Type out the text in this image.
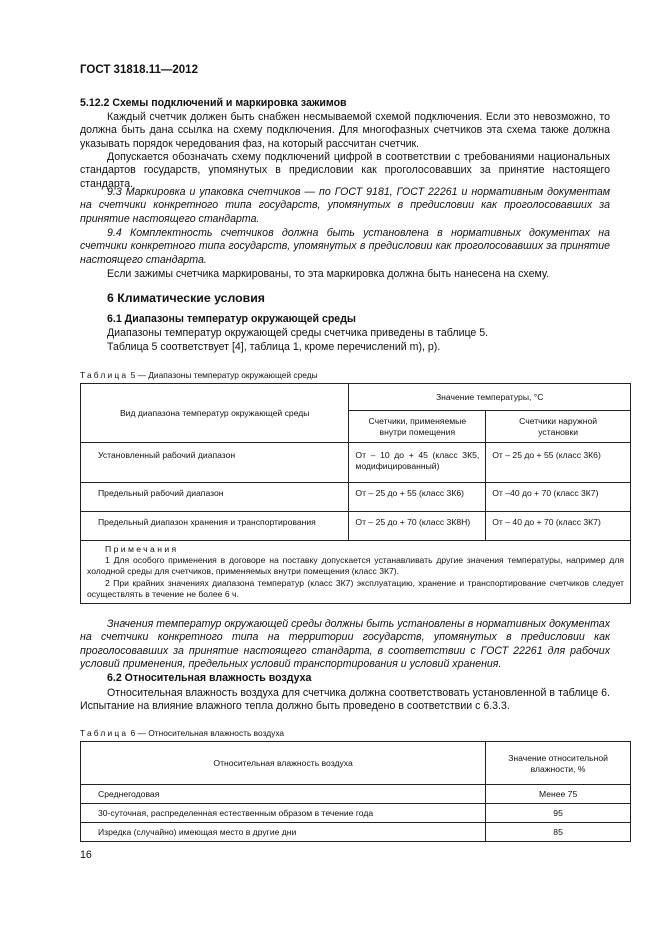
ГОСТ 31818.11—2012
5.12.2 Схемы подключений и маркировка зажимов
Каждый счетчик должен быть снабжен несмываемой схемой подключения. Если это невозможно, то должна быть дана ссылка на схему подключения. Для многофазных счетчиков эта схема также должна указывать порядок чередования фаз, на который рассчитан счетчик.
Допускается обозначать схему подключений цифрой в соответствии с требованиями национальных стандартов государств, упомянутых в предисловии как проголосовавших за принятие настоящего стандарта.
9.3 Маркировка и упаковка счетчиков — по ГОСТ 9181, ГОСТ 22261 и нормативным документам на счетчики конкретного типа государств, упомянутых в предисловии как проголосовавших за принятие настоящего стандарта.
9.4 Комплектность счетчиков должна быть установлена в нормативных документах на счетчики конкретного типа государств, упомянутых в предисловии как проголосовавших за принятие настоящего стандарта.
Если зажимы счетчика маркированы, то эта маркировка должна быть нанесена на схему.
6 Климатические условия
6.1 Диапазоны температур окружающей среды
Диапазоны температур окружающей среды счетчика приведены в таблице 5.
Таблица 5 соответствует [4], таблица 1, кроме перечислений m), p).
Таблица 5 — Диапазоны температур окружающей среды
Вид диапазона температур окружающей среды	Значение температуры, °С	
	Счетчики, применяемые внутри помещения	Счетчики наружной установки
Установленный рабочий диапазон	От – 10 до + 45 (класс 3К5, модифицированный)	От – 25 до + 55 (класс 3К6)
Предельный рабочий диапазон	От – 25 до + 55 (класс 3К6)	От –40 до + 70 (класс 3К7)
Предельный диапазон хранения и транспортирования	От – 25 до + 70 (класс 3К8Н)	От – 40 до + 70 (класс 3К7)

Примечания
1 Для особого применения в договоре на поставку допускается устанавливать другие значения температуры, например для холодной среды для счетчиков, применяемых внутри помещения (класс 3К7).
2 При крайних значениях диапазона температур (класс 3К7) эксплуатацию, хранение и транспортирование счетчиков следует осуществлять в течение не более 6 ч.		
Значения температур окружающей среды должны быть установлены в нормативных документах на счетчики конкретного типа на территории государств, упомянутых в предисловии как проголосовавших за принятие настоящего стандарта, в соответствии с ГОСТ 22261 для рабочих условий применения, предельных условий транспортирования и условий хранения.
6.2 Относительная влажность воздуха
Относительная влажность воздуха для счетчика должна соответствовать установленной в таблице 6. Испытание на влияние влажного тепла должно быть проведено в соответствии с 6.3.3.
Таблица 6 — Относительная влажность воздуха
Относительная влажность воздуха	Значение относительной влажности, %
Среднегодовая	Менее 75
30-суточная, распределенная естественным образом в течение года	95
Изредка (случайно) имеющая место в другие дни	85
16
